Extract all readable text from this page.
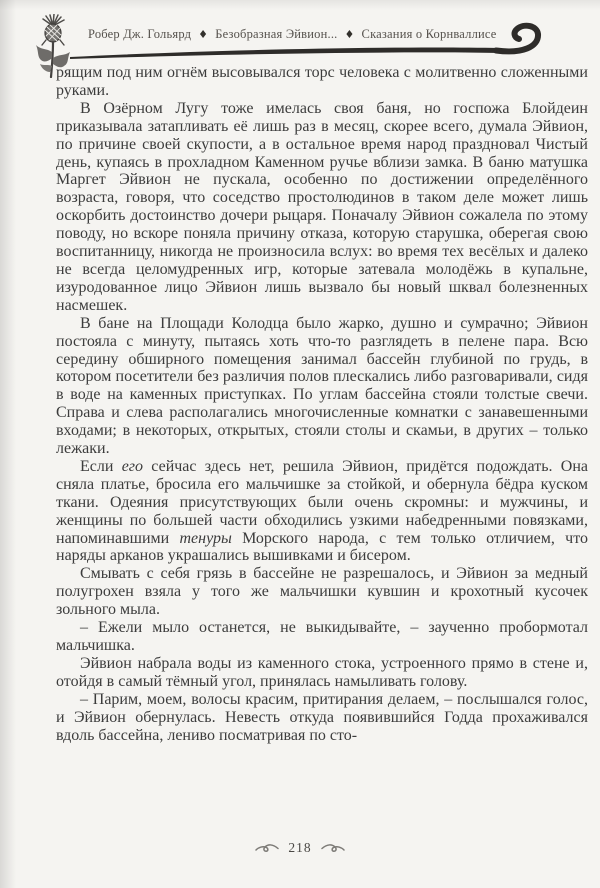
Робер Дж. Гольярд ♦ Безобразная Эйвион... ♦ Сказания о Корнваллисе

рящим под ним огнём высовывался торс человека с молитвенно сложенными руками.

В Озёрном Лугу тоже имелась своя баня, но госпожа Блойдеин приказывала затапливать её лишь раз в месяц, скорее всего, думала Эйвион, по причине своей скупости, а в остальное время народ праздновал Чистый день, купаясь в прохладном Каменном ручье вблизи замка. В баню матушка Маргет Эйвион не пускала, особенно по достижении определённого возраста, говоря, что соседство простолюдинов в таком деле может лишь оскорбить достоинство дочери рыцаря. Поначалу Эйвион сожалела по этому поводу, но вскоре поняла причину отказа, которую старушка, оберегая свою воспитанницу, никогда не произносила вслух: во время тех весёлых и далеко не всегда целомудренных игр, которые затевала молодёжь в купальне, изуродованное лицо Эйвион лишь вызвало бы новый шквал болезненных насмешек.

В бане на Площади Колодца было жарко, душно и сумрачно; Эйвион постояла с минуту, пытаясь хоть что-то разглядеть в пелене пара. Всю середину обширного помещения занимал бассейн глубиной по грудь, в котором посетители без различия полов плескались либо разговаривали, сидя в воде на каменных приступках. По углам бассейна стояли толстые свечи. Справа и слева располагались многочисленные комнатки с занавешенными входами; в некоторых, открытых, стояли столы и скамьи, в других – только лежаки.

Если его сейчас здесь нет, решила Эйвион, придётся подождать. Она сняла платье, бросила его мальчишке за стойкой, и обернула бёдра куском ткани. Одеяния присутствующих были очень скромны: и мужчины, и женщины по большей части обходились узкими набедренными повязками, напоминавшими тенуры Морского народа, с тем только отличием, что наряды арканов украшались вышивками и бисером.

Смывать с себя грязь в бассейне не разрешалось, и Эйвион за медный полугрохен взяла у того же мальчишки кувшин и крохотный кусочек зольного мыла.

– Ежели мыло останется, не выкидывайте, – заученно пробормотал мальчишка.

Эйвион набрала воды из каменного стока, устроенного прямо в стене и, отойдя в самый тёмный угол, принялась намыливать голову.

– Парим, моем, волосы красим, притирания делаем, – послышался голос, и Эйвион обернулась. Невесть откуда появившийся Годда прохаживался вдоль бассейна, лениво посматривая по сто-

218
